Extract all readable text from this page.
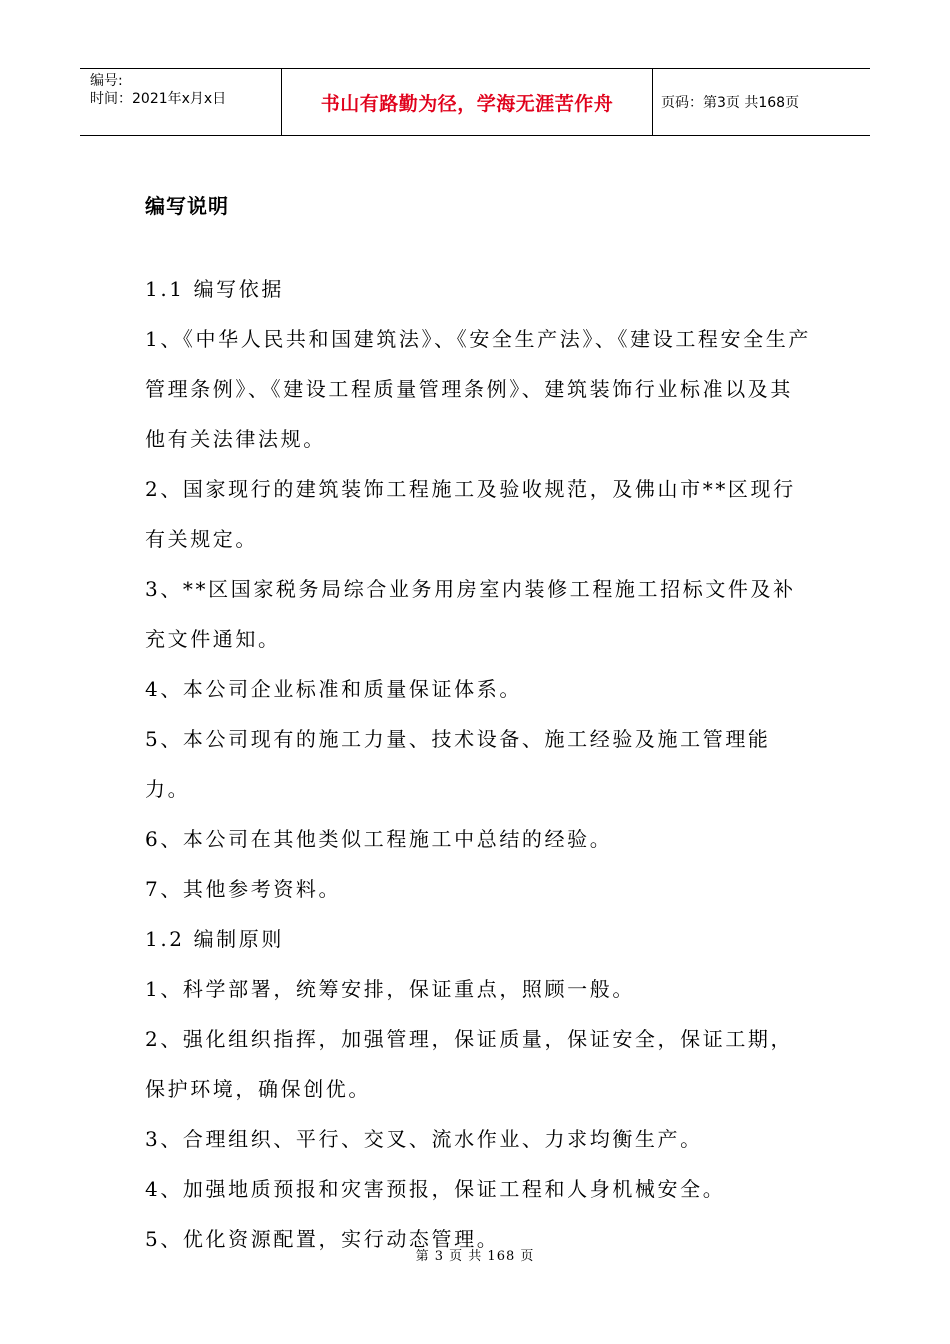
编号:
时间：2021年x月x日	书山有路勤为径，学海无涯苦作舟	页码：第3页 共168页
编写说明

1.1 编写依据

1、《中华人民共和国建筑法》、《安全生产法》、《建设工程安全生产管理条例》、《建设工程质量管理条例》、建筑装饰行业标准以及其他有关法律法规。

2、国家现行的建筑装饰工程施工及验收规范，及佛山市**区现行有关规定。

3、**区国家税务局综合业务用房室内装修工程施工招标文件及补充文件通知。

4、本公司企业标准和质量保证体系。

5、本公司现有的施工力量、技术设备、施工经验及施工管理能力。

6、本公司在其他类似工程施工中总结的经验。

7、其他参考资料。

1.2 编制原则

1、科学部署，统筹安排，保证重点，照顾一般。

2、强化组织指挥，加强管理，保证质量，保证安全，保证工期，保护环境，确保创优。

3、合理组织、平行、交叉、流水作业、力求均衡生产。

4、加强地质预报和灾害预报，保证工程和人身机械安全。

5、优化资源配置，实行动态管理。

第 3 页 共 168 页
